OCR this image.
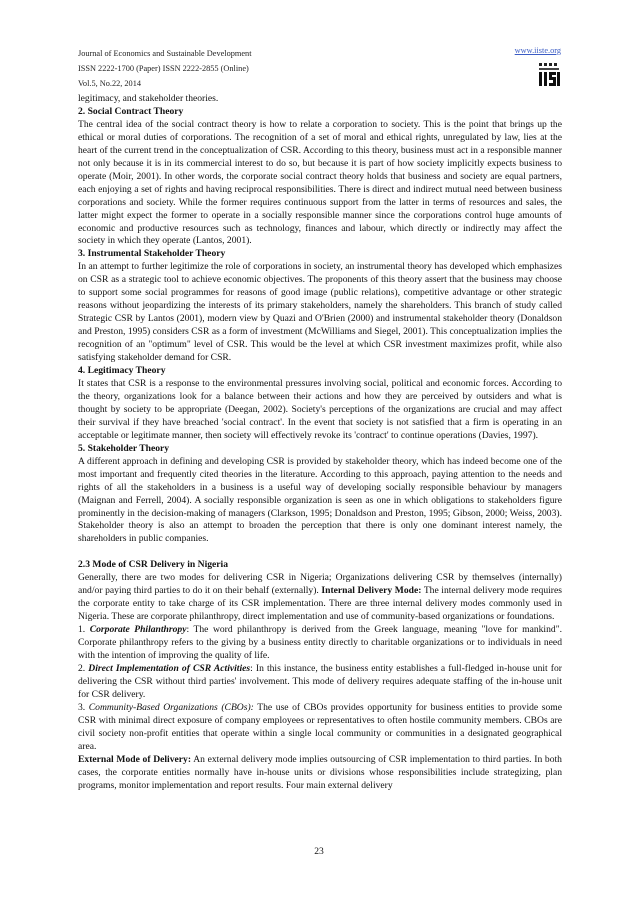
Journal of Economics and Sustainable Development
ISSN 2222-1700 (Paper) ISSN 2222-2855 (Online)
Vol.5, No.22, 2014
www.iiste.org

legitimacy, and stakeholder theories.

2. Social Contract Theory

The central idea of the social contract theory is how to relate a corporation to society. This is the point that brings up the ethical or moral duties of corporations. The recognition of a set of moral and ethical rights, unregulated by law, lies at the heart of the current trend in the conceptualization of CSR. According to this theory, business must act in a responsible manner not only because it is in its commercial interest to do so, but because it is part of how society implicitly expects business to operate (Moir, 2001). In other words, the corporate social contract theory holds that business and society are equal partners, each enjoying a set of rights and having reciprocal responsibilities. There is direct and indirect mutual need between business corporations and society. While the former requires continuous support from the latter in terms of resources and sales, the latter might expect the former to operate in a socially responsible manner since the corporations control huge amounts of economic and productive resources such as technology, finances and labour, which directly or indirectly may affect the society in which they operate (Lantos, 2001).

3. Instrumental Stakeholder Theory

In an attempt to further legitimize the role of corporations in society, an instrumental theory has developed which emphasizes on CSR as a strategic tool to achieve economic objectives. The proponents of this theory assert that the business may choose to support some social programmes for reasons of good image (public relations), competitive advantage or other strategic reasons without jeopardizing the interests of its primary stakeholders, namely the shareholders. This branch of study called Strategic CSR by Lantos (2001), modern view by Quazi and O'Brien (2000) and instrumental stakeholder theory (Donaldson and Preston, 1995) considers CSR as a form of investment (McWilliams and Siegel, 2001). This conceptualization implies the recognition of an "optimum" level of CSR. This would be the level at which CSR investment maximizes profit, while also satisfying stakeholder demand for CSR.

4. Legitimacy Theory

It states that CSR is a response to the environmental pressures involving social, political and economic forces. According to the theory, organizations look for a balance between their actions and how they are perceived by outsiders and what is thought by society to be appropriate (Deegan, 2002). Society's perceptions of the organizations are crucial and may affect their survival if they have breached 'social contract'. In the event that society is not satisfied that a firm is operating in an acceptable or legitimate manner, then society will effectively revoke its 'contract' to continue operations (Davies, 1997).

5. Stakeholder Theory

A different approach in defining and developing CSR is provided by stakeholder theory, which has indeed become one of the most important and frequently cited theories in the literature. According to this approach, paying attention to the needs and rights of all the stakeholders in a business is a useful way of developing socially responsible behaviour by managers (Maignan and Ferrell, 2004). A socially responsible organization is seen as one in which obligations to stakeholders figure prominently in the decision-making of managers (Clarkson, 1995; Donaldson and Preston, 1995; Gibson, 2000; Weiss, 2003). Stakeholder theory is also an attempt to broaden the perception that there is only one dominant interest namely, the shareholders in public companies.

2.3 Mode of CSR Delivery in Nigeria

Generally, there are two modes for delivering CSR in Nigeria; Organizations delivering CSR by themselves (internally) and/or paying third parties to do it on their behalf (externally). Internal Delivery Mode: The internal delivery mode requires the corporate entity to take charge of its CSR implementation. There are three internal delivery modes commonly used in Nigeria. These are corporate philanthropy, direct implementation and use of community-based organizations or foundations.

1. Corporate Philanthropy: The word philanthropy is derived from the Greek language, meaning "love for mankind". Corporate philanthropy refers to the giving by a business entity directly to charitable organizations or to individuals in need with the intention of improving the quality of life.

2. Direct Implementation of CSR Activities: In this instance, the business entity establishes a full-fledged in-house unit for delivering the CSR without third parties' involvement. This mode of delivery requires adequate staffing of the in-house unit for CSR delivery.

3. Community-Based Organizations (CBOs): The use of CBOs provides opportunity for business entities to provide some CSR with minimal direct exposure of company employees or representatives to often hostile community members. CBOs are civil society non-profit entities that operate within a single local community or communities in a designated geographical area.

External Mode of Delivery: An external delivery mode implies outsourcing of CSR implementation to third parties. In both cases, the corporate entities normally have in-house units or divisions whose responsibilities include strategizing, plan programs, monitor implementation and report results. Four main external delivery

23
